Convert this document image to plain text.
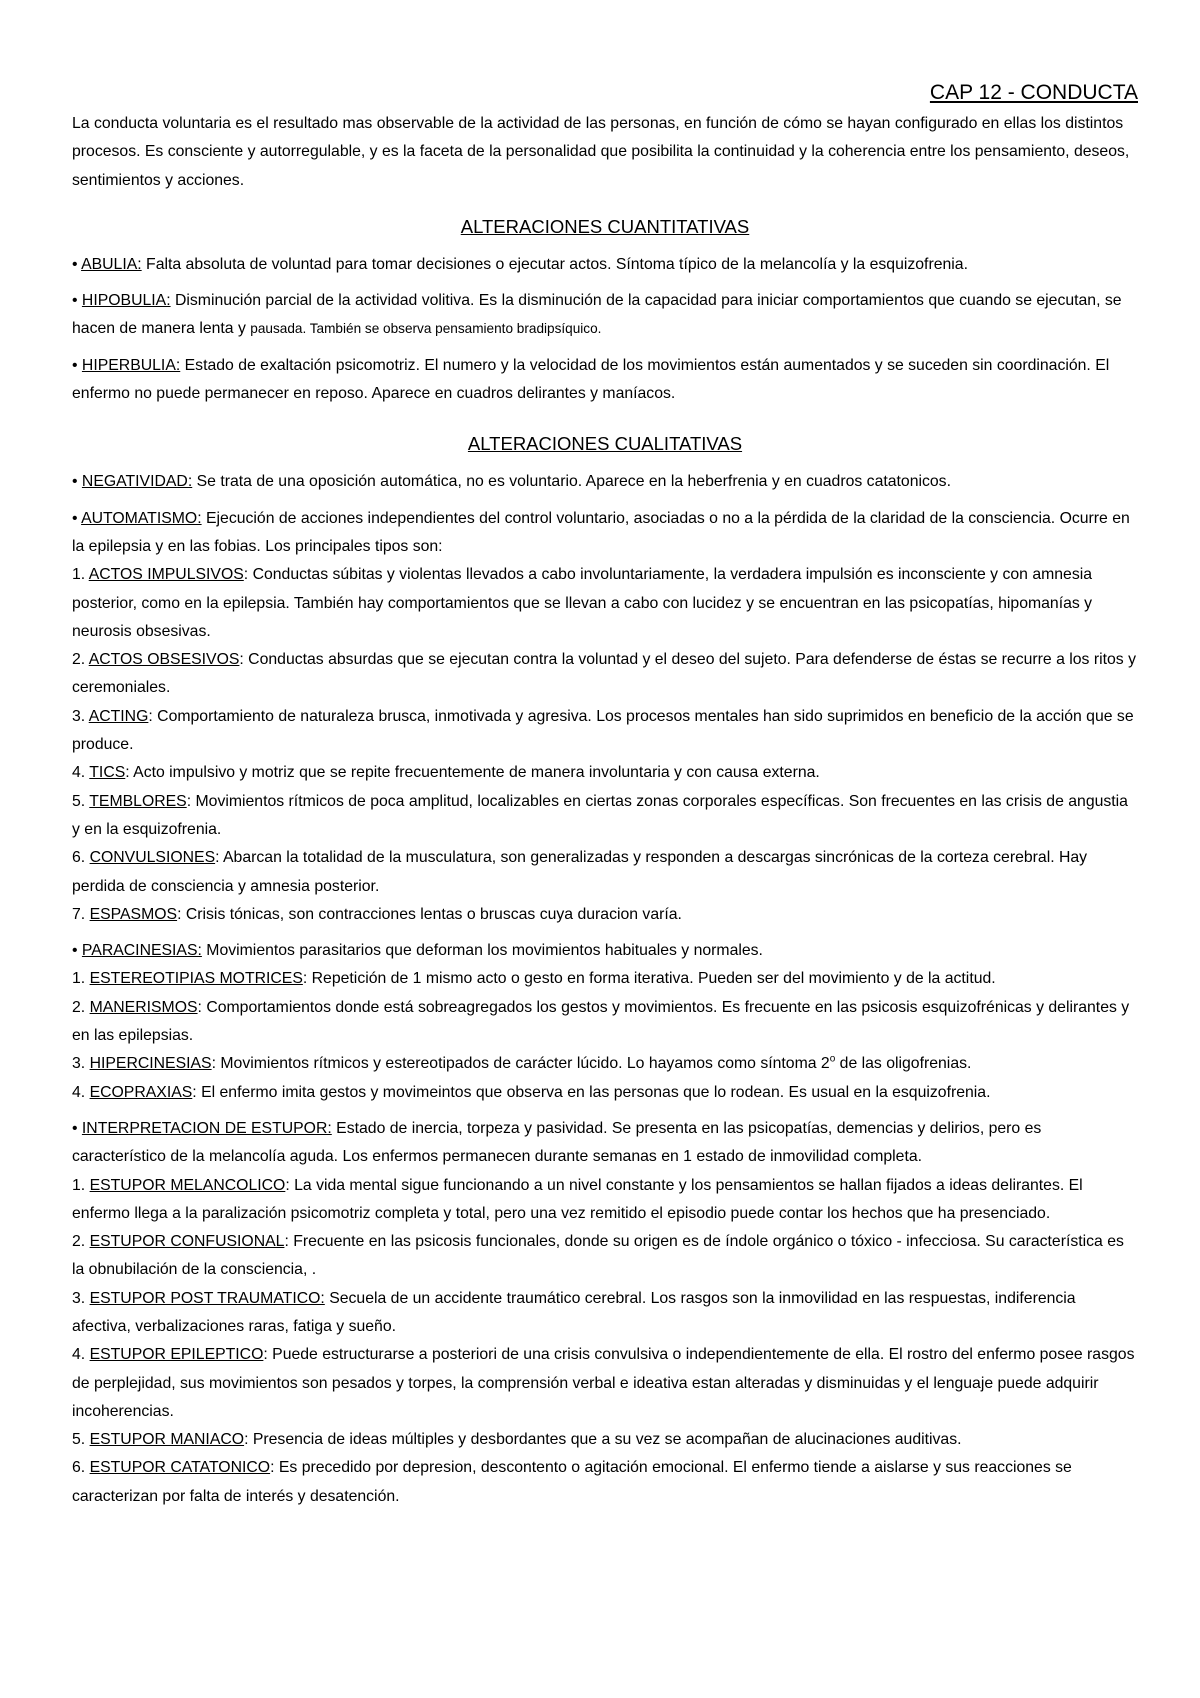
CAP 12 - CONDUCTA

La conducta voluntaria es el resultado mas observable de la actividad de las personas, en función de cómo se hayan configurado en ellas los distintos procesos. Es consciente y autorregulable, y es la faceta de la personalidad que posibilita la continuidad y la coherencia entre los pensamiento, deseos, sentimientos y acciones.

ALTERACIONES CUANTITATIVAS

• ABULIA: Falta absoluta de voluntad para tomar decisiones o ejecutar actos. Síntoma típico de la melancolía y la esquizofrenia.

• HIPOBULIA: Disminución parcial de la actividad volitiva. Es la disminución de la capacidad para iniciar comportamientos que cuando se ejecutan, se hacen de manera lenta y pausada. También se observa pensamiento bradipsíquico.

• HIPERBULIA: Estado de exaltación psicomotriz. El numero y la velocidad de los movimientos están aumentados y se suceden sin coordinación. El enfermo no puede permanecer en reposo. Aparece en cuadros delirantes y maníacos.

ALTERACIONES CUALITATIVAS

• NEGATIVIDAD: Se trata de una oposición automática, no es voluntario. Aparece en la heberfrenia y en cuadros catatonicos.

• AUTOMATISMO: Ejecución de acciones independientes del control voluntario, asociadas o no a la pérdida de la claridad de la consciencia. Ocurre en la epilepsia y en las fobias. Los principales tipos son:

1. ACTOS IMPULSIVOS: Conductas súbitas y violentas llevados a cabo involuntariamente, la verdadera impulsión es inconsciente y con amnesia posterior, como en la epilepsia. También hay comportamientos que se llevan a cabo con lucidez y se encuentran en las psicopatías, hipomanías y neurosis obsesivas.

2. ACTOS OBSESIVOS: Conductas absurdas que se ejecutan contra la voluntad y el deseo del sujeto. Para defenderse de éstas se recurre a los ritos y ceremoniales.

3. ACTING: Comportamiento de naturaleza brusca, inmotivada y agresiva. Los procesos mentales han sido suprimidos en beneficio de la acción que se produce.

4. TICS: Acto impulsivo y motriz que se repite frecuentemente de manera involuntaria y con causa externa.

5. TEMBLORES: Movimientos rítmicos de poca amplitud, localizables en ciertas zonas corporales específicas. Son frecuentes en las crisis de angustia y en la esquizofrenia.

6. CONVULSIONES: Abarcan la totalidad de la musculatura, son generalizadas y responden a descargas sincrónicas de la corteza cerebral. Hay perdida de consciencia y amnesia posterior.

7. ESPASMOS: Crisis tónicas, son contracciones lentas o bruscas cuya duracion varía.

• PARACINESIAS: Movimientos parasitarios que deforman los movimientos habituales y normales.

1. ESTEREOTIPIAS MOTRICES: Repetición de 1 mismo acto o gesto en forma iterativa. Pueden ser del movimiento y de la actitud.

2. MANERISMOS: Comportamientos donde está sobreagregados los gestos y movimientos. Es frecuente en las psicosis esquizofrénicas y delirantes y en las epilepsias.

3. HIPERCINESIAS: Movimientos rítmicos y estereotipados de carácter lúcido. Lo hayamos como síntoma 2$^o$ de las oligofrenias.

4. ECOPRAXIAS: El enfermo imita gestos y movimeintos que observa en las personas que lo rodean. Es usual en la esquizofrenia.

• INTERPRETACION DE ESTUPOR: Estado de inercia, torpeza y pasividad. Se presenta en las psicopatías, demencias y delirios, pero es característico de la melancolía aguda. Los enfermos permanecen durante semanas en 1 estado de inmovilidad completa.

1. ESTUPOR MELANCOLICO: La vida mental sigue funcionando a un nivel constante y los pensamientos se hallan fijados a ideas delirantes. El enfermo llega a la paralización psicomotriz completa y total, pero una vez remitido el episodio puede contar los hechos que ha presenciado.

2. ESTUPOR CONFUSIONAL: Frecuente en las psicosis funcionales, donde su origen es de índole orgánico o tóxico - infecciosa. Su característica es la obnubilación de la consciencia, .

3. ESTUPOR POST TRAUMATICO: Secuela de un accidente traumático cerebral. Los rasgos son la inmovilidad en las respuestas, indiferencia afectiva, verbalizaciones raras, fatiga y sueño.

4. ESTUPOR EPILEPTICO: Puede estructurarse a posteriori de una crisis convulsiva o independientemente de ella. El rostro del enfermo posee rasgos de perplejidad, sus movimientos son pesados y torpes, la comprensión verbal e ideativa estan alteradas y disminuidas y el lenguaje puede adquirir incoherencias.

5. ESTUPOR MANIACO: Presencia de ideas múltiples y desbordantes que a su vez se acompañan de alucinaciones auditivas.

6. ESTUPOR CATATONICO: Es precedido por depresion, descontento o agitación emocional. El enfermo tiende a aislarse y sus reacciones se caracterizan por falta de interés y desatención.
